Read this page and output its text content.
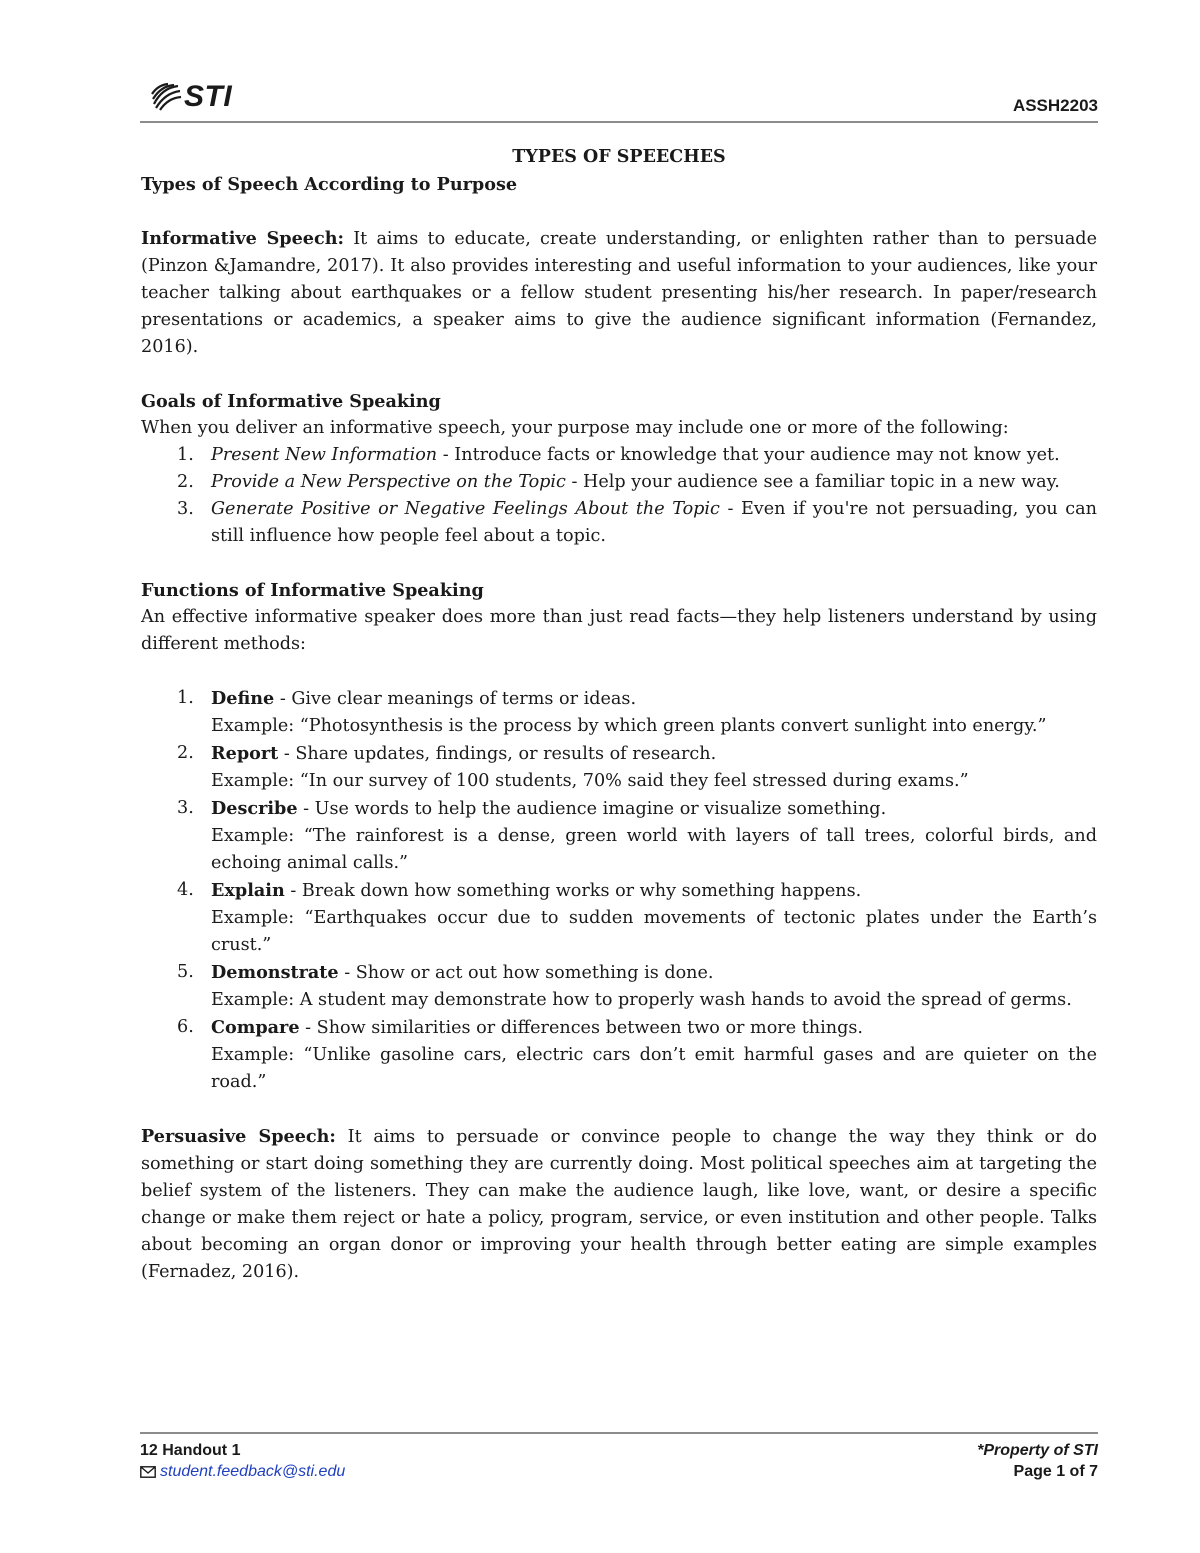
STI	ASSH2203

TYPES OF SPEECHES

Types of Speech According to Purpose

Informative Speech: It aims to educate, create understanding, or enlighten rather than to persuade (Pinzon &Jamandre, 2017). It also provides interesting and useful information to your audiences, like your teacher talking about earthquakes or a fellow student presenting his/her research. In paper/research presentations or academics, a speaker aims to give the audience significant information (Fernandez, 2016).

Goals of Informative Speaking

When you deliver an informative speech, your purpose may include one or more of the following:

1. Present New Information - Introduce facts or knowledge that your audience may not know yet.
2. Provide a New Perspective on the Topic - Help your audience see a familiar topic in a new way.
3. Generate Positive or Negative Feelings About the Topic - Even if you're not persuading, you can still influence how people feel about a topic.

Functions of Informative Speaking

An effective informative speaker does more than just read facts—they help listeners understand by using different methods:

1. Define - Give clear meanings of terms or ideas.
Example: “Photosynthesis is the process by which green plants convert sunlight into energy.”
2. Report - Share updates, findings, or results of research.
Example: “In our survey of 100 students, 70% said they feel stressed during exams.”
3. Describe - Use words to help the audience imagine or visualize something.
Example: “The rainforest is a dense, green world with layers of tall trees, colorful birds, and echoing animal calls.”
4. Explain - Break down how something works or why something happens.
Example: “Earthquakes occur due to sudden movements of tectonic plates under the Earth’s crust.”
5. Demonstrate - Show or act out how something is done.
Example: A student may demonstrate how to properly wash hands to avoid the spread of germs.
6. Compare - Show similarities or differences between two or more things.
Example: “Unlike gasoline cars, electric cars don’t emit harmful gases and are quieter on the road.”

Persuasive Speech: It aims to persuade or convince people to change the way they think or do something or start doing something they are currently doing. Most political speeches aim at targeting the belief system of the listeners. They can make the audience laugh, like love, want, or desire a specific change or make them reject or hate a policy, program, service, or even institution and other people. Talks about becoming an organ donor or improving your health through better eating are simple examples (Fernadez, 2016).

12 Handout 1
student.feedback@sti.edu
*Property of STI
Page 1 of 7
